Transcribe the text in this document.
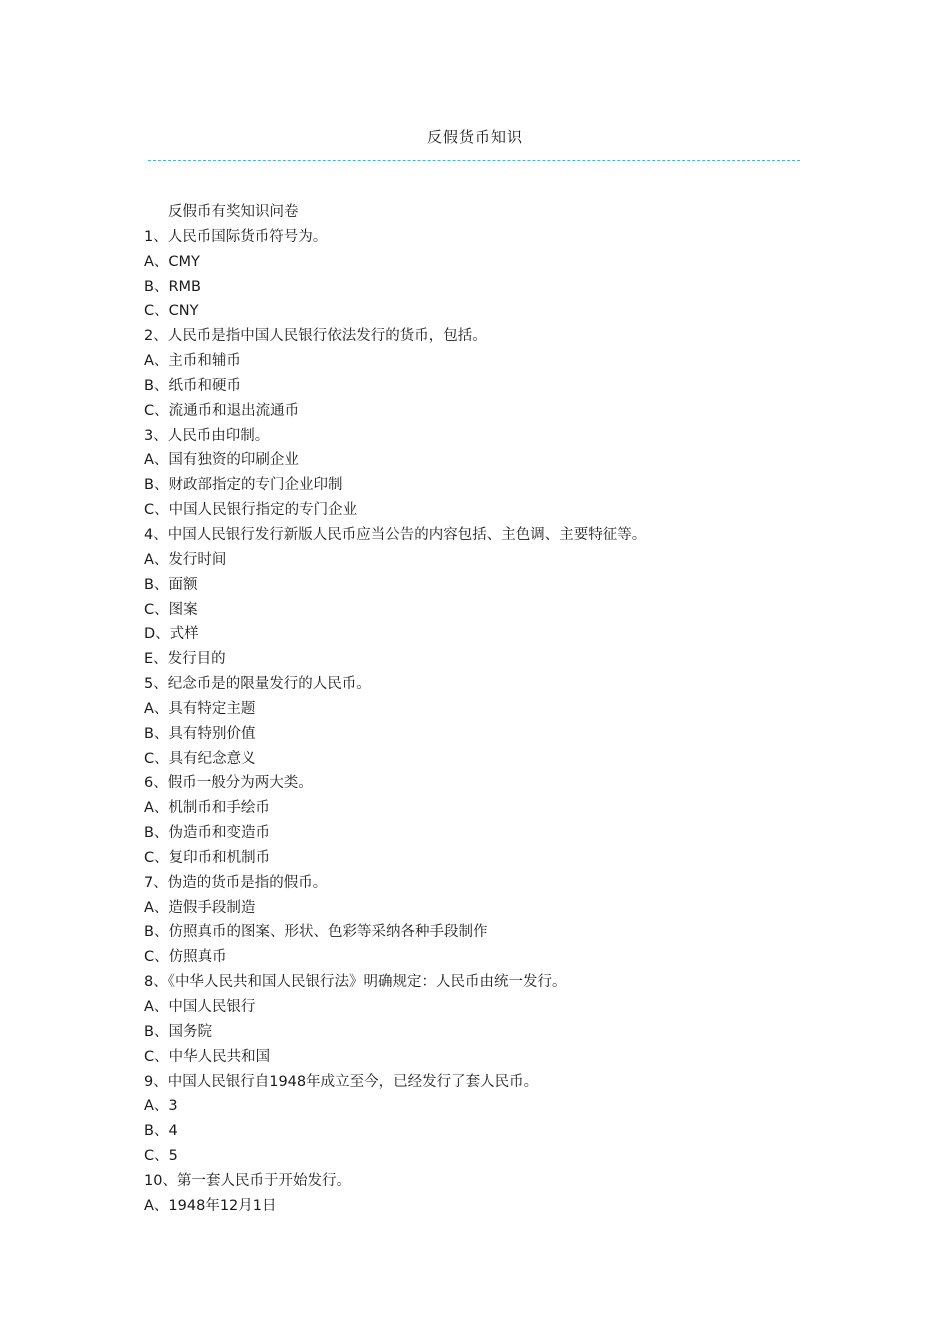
反假货币知识
反假币有奖知识问卷
1、人民币国际货币符号为。
A、CMY
B、RMB
C、CNY
2、人民币是指中国人民银行依法发行的货币，包括。
A、主币和辅币
B、纸币和硬币
C、流通币和退出流通币
3、人民币由印制。
A、国有独资的印刷企业
B、财政部指定的专门企业印制
C、中国人民银行指定的专门企业
4、中国人民银行发行新版人民币应当公告的内容包括、主色调、主要特征等。
A、发行时间
B、面额
C、图案
D、式样
E、发行目的
5、纪念币是的限量发行的人民币。
A、具有特定主题
B、具有特别价值
C、具有纪念意义
6、假币一般分为两大类。
A、机制币和手绘币
B、伪造币和变造币
C、复印币和机制币
7、伪造的货币是指的假币。
A、造假手段制造
B、仿照真币的图案、形状、色彩等采纳各种手段制作
C、仿照真币
8、《中华人民共和国人民银行法》明确规定：人民币由统一发行。
A、中国人民银行
B、国务院
C、中华人民共和国
9、中国人民银行自1948年成立至今，已经发行了套人民币。
A、3
B、4
C、5
10、第一套人民币于开始发行。
A、1948年12月1日
